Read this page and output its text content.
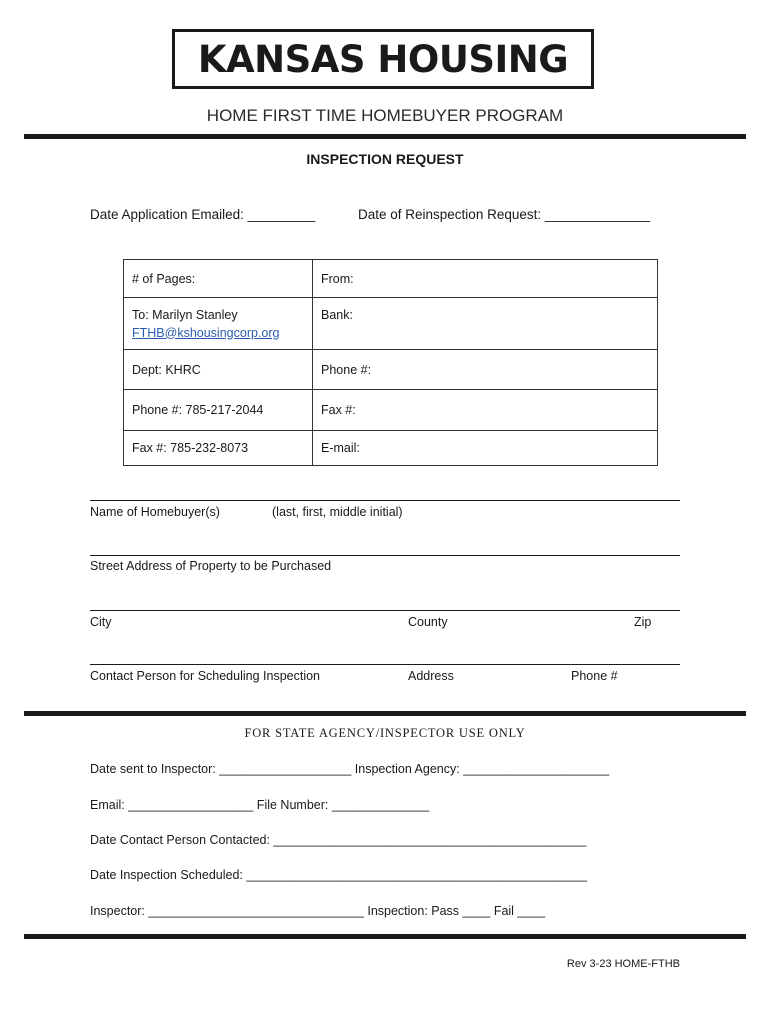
KANSAS HOUSING
HOME FIRST TIME HOMEBUYER PROGRAM
INSPECTION REQUEST
Date Application Emailed: _________	Date of Reinspection Request: ______________
# of Pages:	From:
To: Marilyn Stanley
FTHB@kshousingcorp.org	Bank:
Dept: KHRC	Phone #:
Phone #: 785-217-2044	Fax #:
Fax #: 785-232-8073	E-mail:
Name of Homebuyer(s)	(last, first, middle initial)
Street Address of Property to be Purchased
City	County	Zip
Contact Person for Scheduling Inspection	Address	Phone #
FOR STATE AGENCY/INSPECTOR USE ONLY
Date sent to Inspector: ___________________ Inspection Agency: _____________________
Email: __________________ File Number: ______________
Date Contact Person Contacted: _____________________________________________
Date Inspection Scheduled: _________________________________________________
Inspector: _______________________________ Inspection: Pass ____ Fail ____
Rev 3-23 HOME-FTHB
